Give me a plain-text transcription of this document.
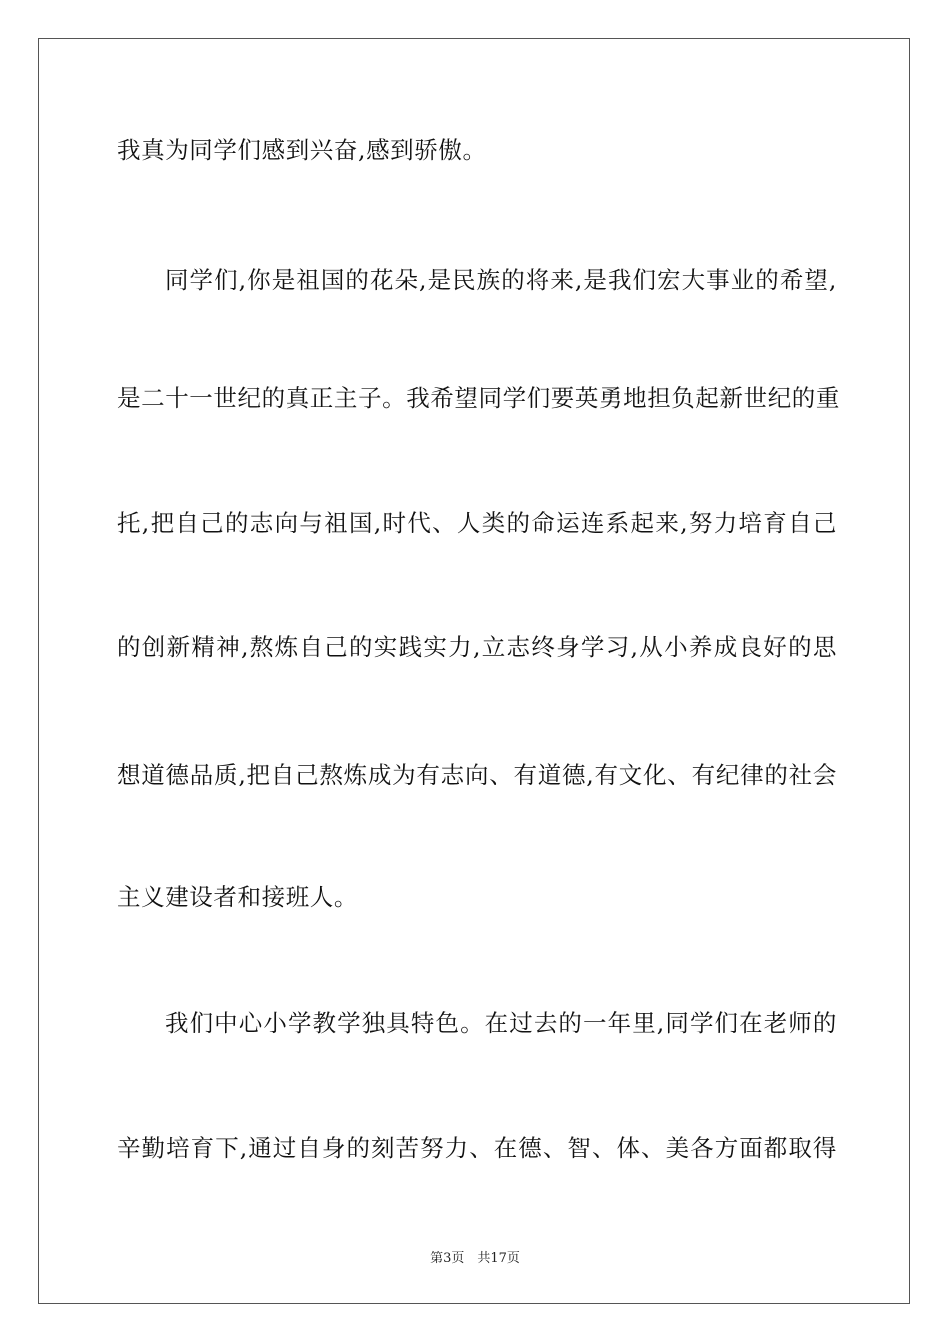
我真为同学们感到兴奋,感到骄傲。
同学们,你是祖国的花朵,是民族的将来,是我们宏大事业的希望,
是二十一世纪的真正主子。我希望同学们要英勇地担负起新世纪的重
托,把自己的志向与祖国,时代、人类的命运连系起来,努力培育自己
的创新精神,熬炼自己的实践实力,立志终身学习,从小养成良好的思
想道德品质,把自己熬炼成为有志向、有道德,有文化、有纪律的社会
主义建设者和接班人。
我们中心小学教学独具特色。在过去的一年里,同学们在老师的
辛勤培育下,通过自身的刻苦努力、在德、智、体、美各方面都取得
第3页　共17页
